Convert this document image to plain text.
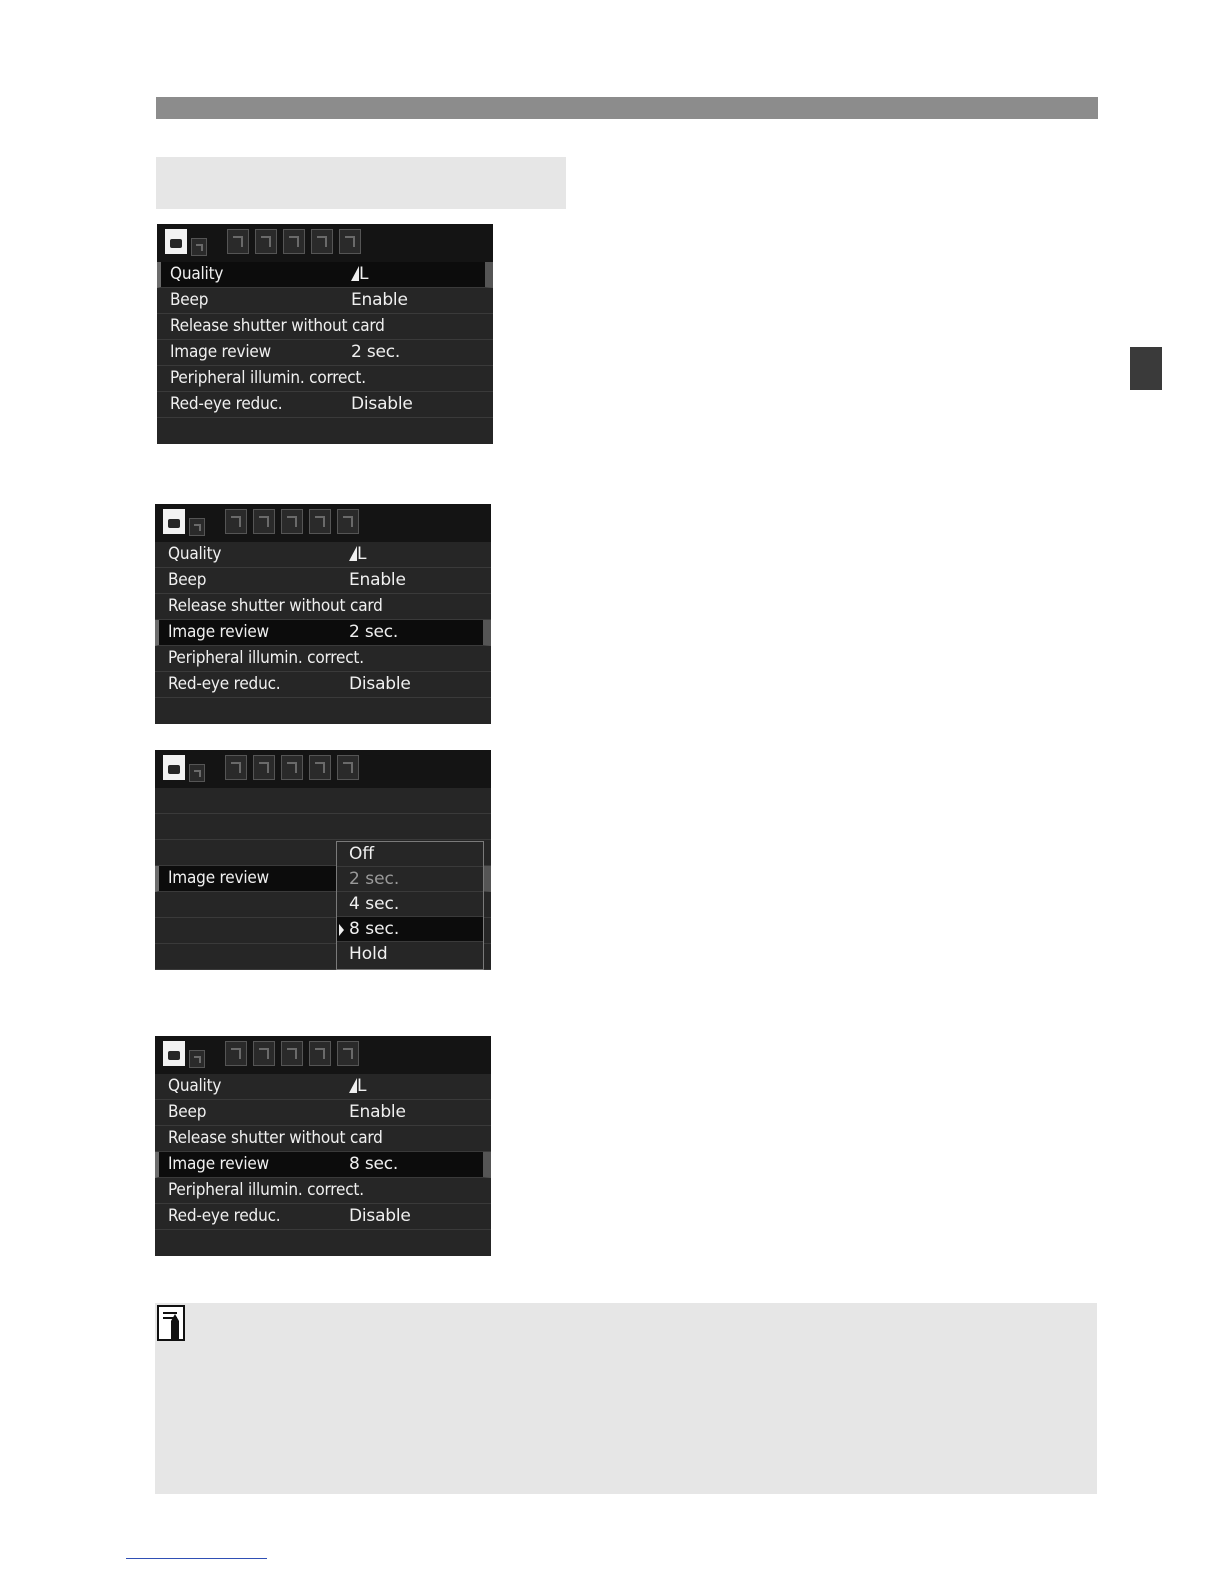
Quality	L
Beep	Enable
Release shutter without card
Image review	2 sec.
Peripheral illumin. correct.
Red-eye reduc.	Disable
Quality	L
Beep	Enable
Release shutter without card
Image review	2 sec.
Peripheral illumin. correct.
Red-eye reduc.	Disable
Image review
Off
2 sec.
4 sec.
8 sec.
Hold
Quality	L
Beep	Enable
Release shutter without card
Image review	8 sec.
Peripheral illumin. correct.
Red-eye reduc.	Disable
